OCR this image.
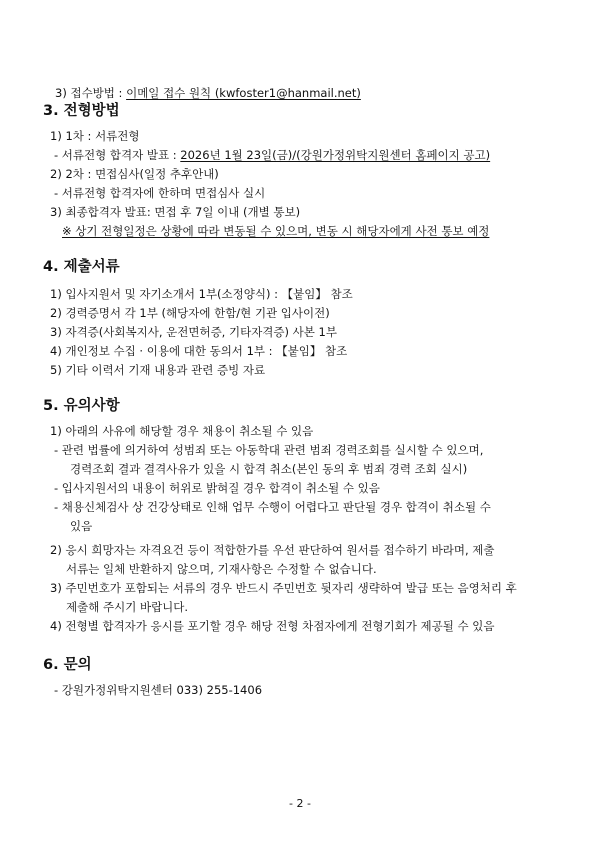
3) 접수방법 : 이메일 접수 원칙 (kwfoster1@hanmail.net)
3. 전형방법
1) 1차 : 서류전형
- 서류전형 합격자 발표 : 2026년 1월 23일(금)/(강원가정위탁지원센터 홈페이지 공고)
2) 2차 : 면접심사(일정 추후안내)
- 서류전형 합격자에 한하며 면접심사 실시
3) 최종합격자 발표: 면접 후 7일 이내 (개별 통보)
※ 상기 전형일정은 상황에 따라 변동될 수 있으며, 변동 시 해당자에게 사전 통보 예정
4. 제출서류
1) 입사지원서 및 자기소개서 1부(소정양식) : 【붙임】 참조
2) 경력증명서 각 1부 (해당자에 한함/현 기관 입사이전)
3) 자격증(사회복지사, 운전면허증, 기타자격증) 사본 1부
4) 개인정보 수집 · 이용에 대한 동의서 1부 : 【붙임】 참조
5) 기타 이력서 기재 내용과 관련 증빙 자료
5. 유의사항
1) 아래의 사유에 해당할 경우 채용이 취소될 수 있음
- 관련 법률에 의거하여 성범죄 또는 아동학대 관련 범죄 경력조회를 실시할 수 있으며,
경력조회 결과 결격사유가 있을 시 합격 취소(본인 동의 후 범죄 경력 조회 실시)
- 입사지원서의 내용이 허위로 밝혀질 경우 합격이 취소될 수 있음
- 채용신체검사 상 건강상태로 인해 업무 수행이 어렵다고 판단될 경우 합격이 취소될 수
있음
2) 응시 희망자는 자격요건 등이 적합한가를 우선 판단하여 원서를 접수하기 바라며, 제출
서류는 일체 반환하지 않으며, 기재사항은 수정할 수 없습니다.
3) 주민번호가 포함되는 서류의 경우 반드시 주민번호 뒷자리 생략하여 발급 또는 음영처리 후
제출해 주시기 바랍니다.
4) 전형별 합격자가 응시를 포기할 경우 해당 전형 차점자에게 전형기회가 제공될 수 있음
6. 문의
- 강원가정위탁지원센터 033) 255-1406
- 2 -
